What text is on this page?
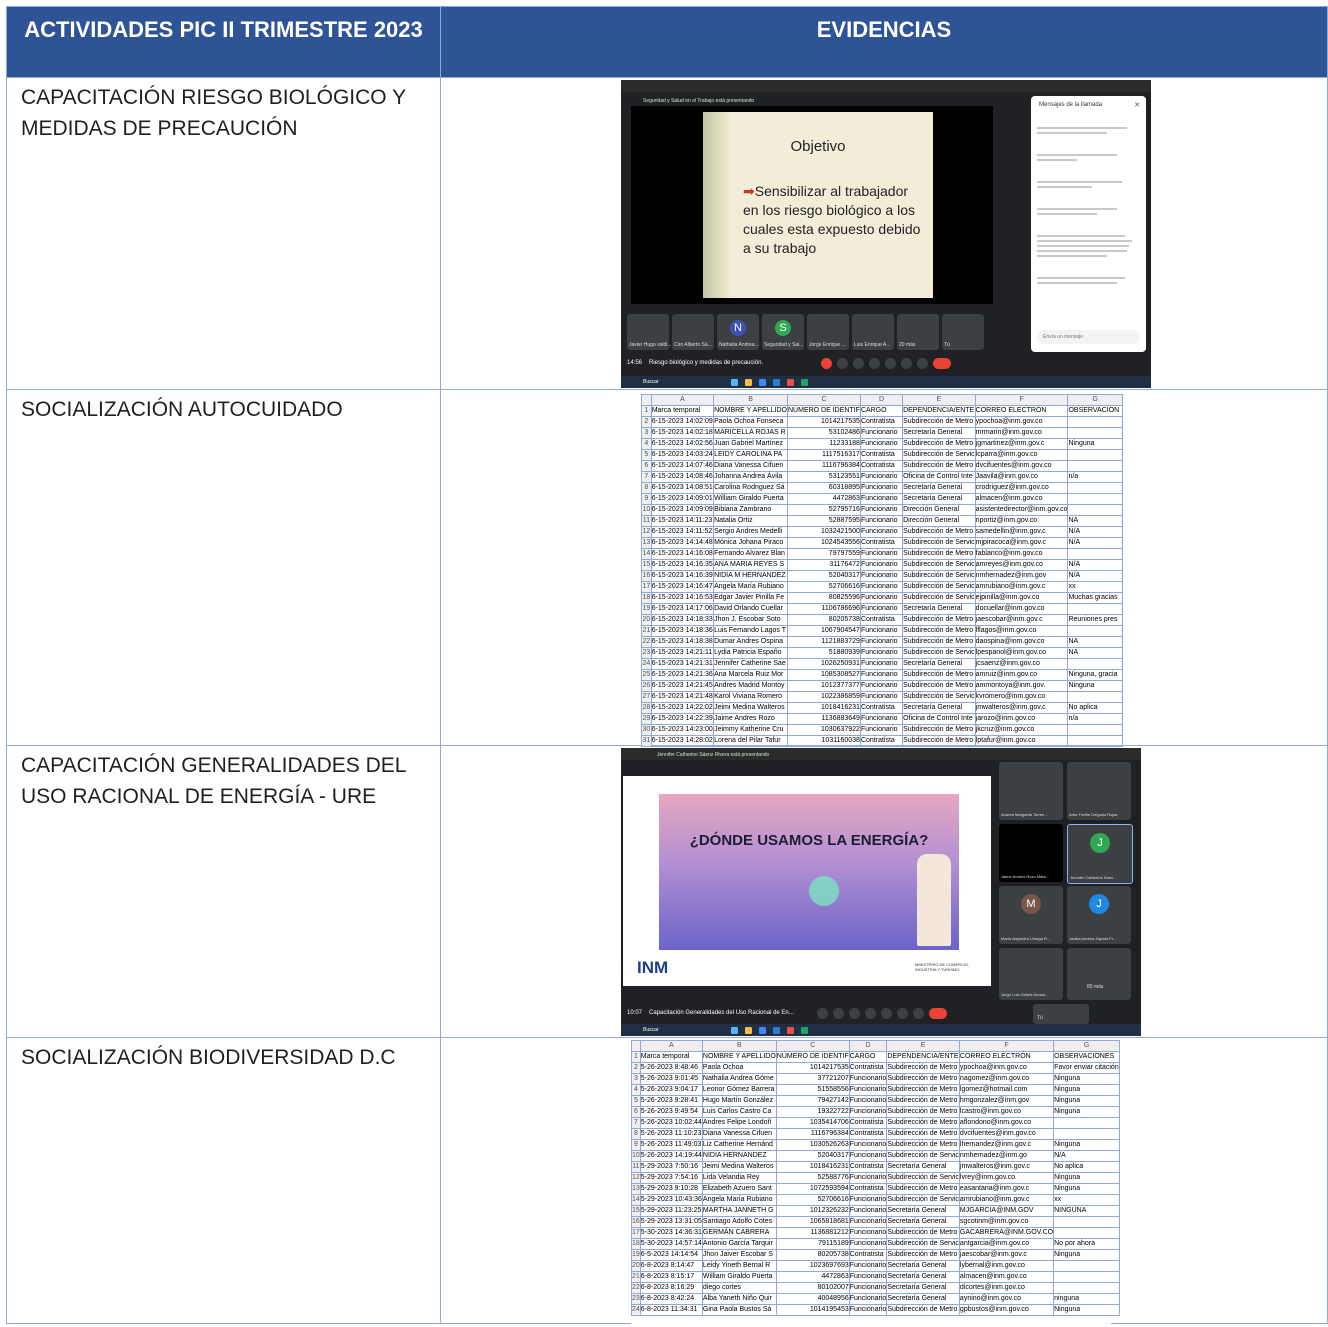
ACTIVIDADES PIC II TRIMESTRE 2023	EVIDENCIAS

CAPACITACIÓN RIESGO BIOLÓGICO Y MEDIDAS DE PRECAUCIÓN	
Seguridad y Salud en el Trabajo está presentando
Objetivo
➡Sensibilizar al trabajador en los riesgo biológico a los cuales esta expuesto debido a su trabajo
Mensajes de la llamada	✕
Envía un mensaje
Javier Hugo valdi... Ciro Alberto Sá...
N
Nathalia Andrea...
S
Seguridad y Sal... Jorge Enrique ... Luis Enrique A... 20 más	Tú
14:56 Riesgo biológico y medidas de precaución.
Buscar

SOCIALIZACIÓN AUTOCUIDADO	
		A	B	C	D	E	F	G
1	Marca temporal	NOMBRE Y APELLIDO	NÚMERO DE IDENTIF	CARGO	DEPENDENCIA/ENTE	CORREO ELECTRÓN	OBSERVACION
2	6-15-2023 14:02:09	Paola Ochoa Fonseca	1014217535	Contratista	Subdirección de Metro	ypochoa@inm.gov.co	
3	6-15-2023 14:02:18	MARICELLA ROJAS R	53102486	Funcionario	Secretaría General	mrmarin@inm.gov.co	
4	6-15-2023 14:02:56	Juan Gabriel Martínez	11233188	Funcionario	Subdirección de Metro	jgmartinez@inm.gov.c	Ninguna
5	6-15-2023 14:03:24	LEIDY CAROLINA PA	1117516317	Contratista	Subdirección de Servic	lcparra@inm.gov.co	
6	6-15-2023 14:07:46	Diana Vanessa Cifuen	1116796384	Contratista	Subdirección de Metro	dvcifuentes@inm.gov.co	
7	6-15-2023 14:08:46	Johanna Andrea Ávila	53123551	Funcionario	Oficina de Control Inte	Jaavila@inm.gov.co	n/a
8	6-15-2023 14:08:51	Carolina Rodriguez Sá	60318895	Funcionario	Secretaría General	crodriguez@inm.gov.co	
9	6-15-2023 14:09:01	William Giraldo Puerta	4472863	Funcionario	Secretaría General	almacen@inm.gov.co	
10	6-15-2023 14:09:09	Bibiana Zambrano	52795716	Funcionario	Dirección General	asistentedirector@inm.gov.co	
11	6-15-2023 14:11:23	Natalia Ortiz	52887595	Funcionario	Dirección General	nportiz@inm.gov.co	NA
12	6-15-2023 14:11:52	Sergio Andres Medelli	1032421500	Funcionario	Subdirección de Metro	samedellin@inm.gov.c	N/A
13	6-15-2023 14:14:48	Mónica Johana Piraco	1024543556	Contratista	Subdirección de Servic	mjpiracoca@inm.gov.c	N/A
14	6-15-2023 14:16:08	Fernando Alvarez Blan	79797559	Funcionario	Subdirección de Metro	fablanco@inm.gov.co	
15	6-15-2023 14:16:35	ANA MARIA REYES S	31176472	Funcionario	Subdirección de Servic	amreyes@inm.gov.co	N/A
16	6-15-2023 14:16:39	NIDIA M HERNANDEZ	52040317	Funcionario	Subdirección de Servic	nmhernadez@inm.gov	N/A
17	6-15-2023 14:16:47	Angela María Rubiano	52706616	Funcionario	Subdirección de Servic	amrubiano@inm.gov.c	xx
18	6-15-2023 14:16:53	Edgar Javier Pinilla Fe	80825596	Funcionario	Subdirección de Servic	ejpinilla@inm.gov.co	Muchas gracias
19	6-15-2023 14:17:06	David Orlando Cuellar	1106786696	Funcionario	Secretaría General	docuellar@inm.gov.co	
20	6-15-2023 14:18:33	Jhon J. Escobar Soto	80205738	Contratista	Subdirección de Metro	jaescobar@inm.gov.c	Reuniones pres
21	6-15-2023 14:18:36	Luis Fernando Lagos T	1067904547	Funcionario	Subdirección de Metro	lflagos@inm.gov.co	
22	6-15-2023 14:18:38	Dumar Andres Ospina	1121883729	Funcionario	Subdirección de Metro	daospina@inm.gov.co	NA
23	6-15-2023 14:21:11	Lydia Patricia Españo	51880939	Funcionario	Subdirección de Servic	lpespanol@inm.gov.co	NA
24	6-15-2023 14:21:31	Jennifer Catherine Sáe	1026250931	Funcionario	Secretaría General	jcsaenz@inm.gov.co	
25	6-15-2023 14:21:36	Ana Marcela Ruiz Mor	1085308527	Funcionario	Subdirección de Metro	amruiz@inm.gov.co	Ninguna, gracia
26	6-15-2023 14:21:45	Andres Madrid Montoy	1012377377	Funcionario	Subdirección de Metro	ammontoya@inm.gov.	Ninguna
27	6-15-2023 14:21:48	Karol Viviana Romero	1022386859	Funcionario	Subdirección de Servic	kvromero@inm.gov.co	
28	6-15-2023 14:22:02	Jeimi Medina Walteros	1018416231	Contratista	Secretaría General	jmwalteros@inm.gov.c	No aplica
29	6-15-2023 14:22:39	Jaime Andres Rozo	1136883649	Funcionario	Oficina de Control Inte	jarozo@inm.gov.co	n/a
30	6-15-2023 14:23:00	Jeimmy Katherine Cru	1030637922	Funcionario	Subdirección de Metro	jkcruz@inm.gov.co	
31	6-15-2023 14:28:02	Lorena del Pilar Tafur	1031160038	Contratista	Subdirección de Metro	lptafur@inm.gov.co	

CAPACITACIÓN GENERALIDADES DEL USO RACIONAL DE ENERGÍA - URE	
Jennifer Catherine Sáenz Rivera está presentando
¿DÓNDE USAMOS LA ENERGÍA?
INM	MINISTERIO DE COMERCIO, INDUSTRIA Y TURISMO
Andrea Margarita Torres ...	Artur Fariñe Delgado Rojas
Jaime Andres Rozo Mata...
J
Jennifer Catherine Sáen...
M
Maria Alejandra Umaga R...
J
Jaolka Andrea Zapata Pr...
Jorge Luis Gebris Arrosa...
80 más
Tú
10:07 Capacitación Generalidades del Uso Racional de En...
Buscar

SOCIALIZACIÓN BIODIVERSIDAD D.C	
	A	B	C	D	E	F	G
1	Marca temporal	NOMBRE Y APELLIDO	NÚMERO DE IDENTIF	CARGO	DEPENDENCIA/ENTE	CORREO ELECTRÓN	OBSERVACIONES
2	5-26-2023 8:48:46	Paola Ochoa	1014217535	Contratista	Subdirección de Metro	ypochoa@inm.gov.co	Favor enviar citación
3	5-26-2023 9:01:45	Nathalia Andrea Góme	37721207	Funcionario	Subdirección de Metro	nagomez@inm.gov.co	Ninguna
4	5-26-2023 9:04:17	Leonor Gómez Barrera	51558556	Funcionario	Subdirección de Metro	lgomez@hotmail.com	Ninguna
5	5-26-2023 9:28:41	Hugo Martín González	79427142	Funcionario	Subdirección de Metro	hmgonzalez@inm.gov	Ninguna
6	5-26-2023 9:49:54	Luis Carlos Castro Ca	19322722	Funcionario	Subdirección de Metro	lcastro@inm.gov.co	Ninguna
7	5-26-2023 10:02:44	Andres Felipe Londoñ	1035414706	Contratista	Subdirección de Metro	aflondono@inm.gov.co	
8	5-26-2023 11:10:23	Diana Vanessa Cifuen	1116796384	Contratista	Subdirección de Metro	dvcifuentes@inm.gov.co	
9	5-26-2023 11:49:03	Liz Catherine Hernánd	1030526263	Funcionario	Subdirección de Metro	lhernandez@inm.gov.c	Ninguna
10	5-26-2023 14:19:44	NIDIA HERNANDEZ	52040317	Funcionario	Subdirección de Servic	nmhernadez@inm.go	N/A
11	5-29-2023 7:50:16	Jeimi Medina Walteros	1018416231	Contratista	Secretaría General	jmwalteros@inm.gov.c	No aplica
12	5-29-2023 7:54:16	Lida Velandia Rey	52588776	Funcionario	Subdirección de Servic	lvrey@inm.gov.co	Ninguna
13	5-29-2023 9:10:28	Elizabeth Azuero Sant	1072593594	Contratista	Subdirección de Metro	easantana@inm.gov.c	Ninguna
14	5-29-2023 10:43:36	Angela María Rubiano	52706616	Funcionario	Subdirección de Servic	amrubiano@inm.gov.c	xx
15	5-29-2023 11:23:25	MARTHA JANNETH G	1012326232	Funcionario	Secretaría General	MJGARCIA@INM.GOV	NINGUNA
16	5-29-2023 13:31:05	Santiago Adolfo Cotes	1065818681	Funcionario	Secretaría General	sgcotinm@inm.gov.co	
17	5-30-2023 14:36:31	GERMÁN CABRERA	1136881212	Funcionario	Subdirección de Metro	GACABRERA@INM.GOV.CO	
18	5-30-2023 14:57:14	Antonio García Tarquir	79115189	Funcionario	Subdirección de Servic	antgarcia@inm.gov.co	No por ahora
19	6-5-2023 14:14:54	Jhon Jaiver Escobar S	80205738	Contratista	Subdirección de Metro	jaescobar@inm.gov.c	Ninguna
20	6-8-2023 8:14:47	Leidy Yineth Bernal R	1023697693	Funcionario	Secretaría General	lybernal@inm.gov.co	
21	6-8-2023 8:15:17	William Giraldo Puerta	4472863	Funcionario	Secretaría General	almacen@inm.gov.co	
22	6-8-2023 8:16:29	diego cortes	80102007	Funcionario	Secretaría General	dicortes@inm.gov.co	
23	6-8-2023 8:42:24	Alba Yaneth Niño Quir	40048956	Funcionario	Secretaría General	aynino@inm.gov.co	ninguna
24	6-8-2023 11:34:31	Gina Paola Bustos Sá	1014195453	Funcionario	Subdirección de Metro	gpbustos@inm.gov.co	Ninguna
